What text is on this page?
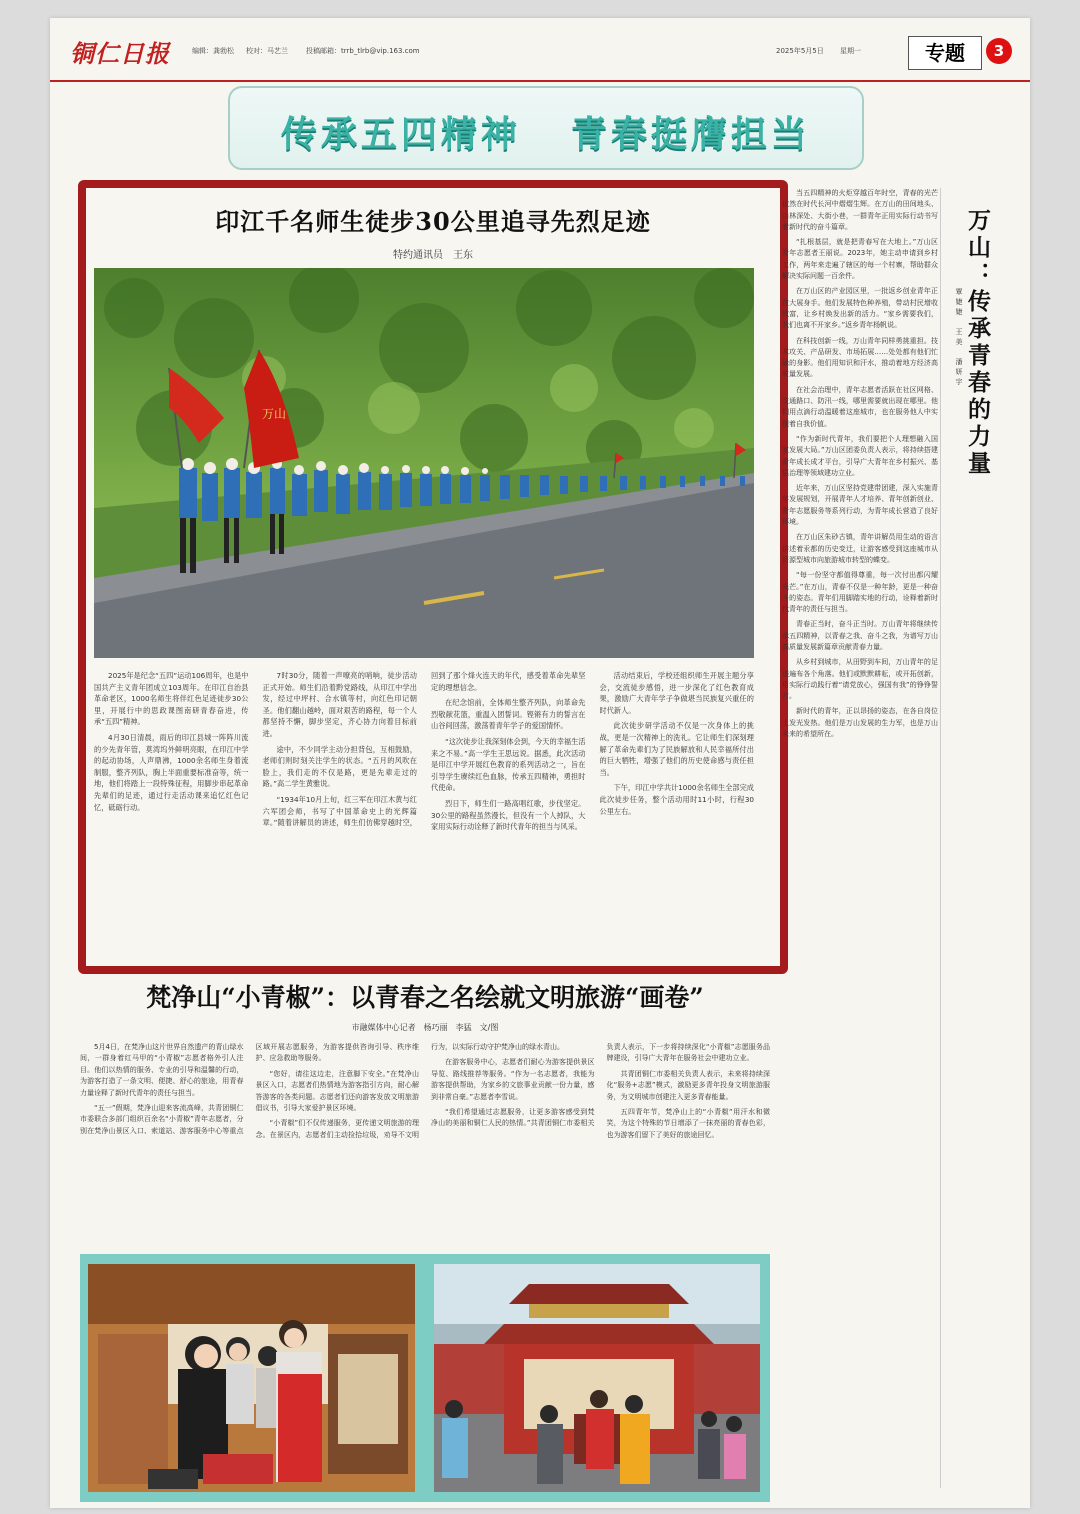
铜仁日报	编辑：龚勃松 校对：马艺兰	投稿邮箱：trrb_tlrb@vip.163.com	2025年5月5日 星期一	专题	3
传承五四精神 青春挺膺担当
印江千名师生徒步30公里追寻先烈足迹
特约通讯员　王东
万山

2025年是纪念“五四”运动106周年，也是中国共产主义青年团成立103周年。在印江自治县革命老区，1000名师生将伴红色足迹徒步30公里，开展行中的思政课图南研青春奋进，传承“五四”精神。

4月30日清晨，雨后的印江县城一阵阵川流的少先青年管，莫湾坞外鲜明亮眼，在印江中学的起动协场，人声鼎沸，1000余名师生身着流制服，整齐列队，胸上半面重要标准奋等，统一地，他们将踏上一段特殊征程，用脚步串起革命先辈们的足迹，通过行走活动课来追忆红色记忆，砥砺行动。

7时30分，随着一声嘹亮的哨响，徒步活动正式开始。师生们沿着黔党路线，从印江中学出发，经过中坪村、合水镇等村，向红色印记朝圣。他们翻山越岭，面对艰苦的路程，每一个人都坚持不懈，脚步坚定，齐心协力向着目标前进。

途中，不少同学主动分担背包，互相鼓励，老师们则时刻关注学生的状态。“五月的风吹在脸上，我们走的不仅是路，更是先辈走过的路。”高二学生黄雅说。

“1934年10月上旬，红三军在印江木黄与红六军团会师，书写了中国革命史上的光辉篇章。”随着讲解员的讲述，师生们仿佛穿越时空，回到了那个烽火连天的年代，感受着革命先辈坚定的理想信念。

在纪念馆前，全体师生整齐列队，向革命先烈敬献花篮，重温入团誓词。铿锵有力的誓言在山谷间回荡，激荡着青年学子的爱国情怀。

“这次徒步让我深刻体会到，今天的幸福生活来之不易。”高一学生王思远说。据悉，此次活动是印江中学开展红色教育的系列活动之一，旨在引导学生赓续红色血脉，传承五四精神，勇担时代使命。

烈日下，师生们一路高唱红歌，步伐坚定。30公里的路程虽然漫长，但没有一个人掉队，大家用实际行动诠释了新时代青年的担当与风采。

活动结束后，学校还组织师生开展主题分享会，交流徒步感悟，进一步深化了红色教育成果，激励广大青年学子争做堪当民族复兴重任的时代新人。

此次徒步研学活动不仅是一次身体上的挑战，更是一次精神上的洗礼。它让师生们深刻理解了革命先辈们为了民族解放和人民幸福所付出的巨大牺牲，增强了他们的历史使命感与责任担当。

下午，印江中学共计1000余名师生全部完成此次徒步任务，整个活动用时11小时，行程30公里左右。

当五四精神的火炬穿越百年时空，青春的光芒依然在时代长河中熠熠生辉。在万山的田间地头、山林深处、大街小巷，一群青年正用实际行动书写着新时代的奋斗篇章。

“扎根基层，就是把青春写在大地上。”万山区青年志愿者王丽说。2023年，她主动申请到乡村工作，两年来走遍了辖区的每一个村寨，帮助群众解决实际问题一百余件。

在万山区的产业园区里，一批返乡创业青年正在大展身手。他们发展特色种养殖，带动村民增收致富，让乡村焕发出新的活力。“家乡需要我们，我们也离不开家乡。”返乡青年杨帆说。

在科技创新一线，万山青年同样勇挑重担。技术攻关、产品研发、市场拓展……处处都有他们忙碌的身影。他们用知识和汗水，推动着地方经济高质量发展。

在社会治理中，青年志愿者活跃在社区网格、交通路口、防汛一线，哪里需要就出现在哪里。他们用点滴行动温暖着这座城市，也在服务他人中实现着自我价值。

“作为新时代青年，我们要把个人理想融入国家发展大局。”万山区团委负责人表示，将持续搭建青年成长成才平台，引导广大青年在乡村振兴、基层治理等领域建功立业。

近年来，万山区坚持党建带团建，深入实施青年发展规划，开展青年人才培养、青年创新创业、青年志愿服务等系列行动，为青年成长营造了良好环境。

在万山区朱砂古镇，青年讲解员用生动的语言讲述着汞都的历史变迁，让游客感受到这座城市从资源型城市向旅游城市转型的蝶变。

“每一份坚守都值得尊重，每一次付出都闪耀光芒。”在万山，青春不仅是一种年龄，更是一种奋斗的姿态。青年们用脚踏实地的行动，诠释着新时代青年的责任与担当。

青春正当时，奋斗正当时。万山青年将继续传承五四精神，以青春之我、奋斗之我，为谱写万山高质量发展新篇章贡献青春力量。

从乡村到城市，从田野到车间，万山青年的足迹遍布各个角落。他们或默默耕耘，或开拓创新，用实际行动践行着“请党放心，强国有我”的铮铮誓言。

新时代的青年，正以昂扬的姿态，在各自岗位上发光发热。他们是万山发展的生力军，也是万山未来的希望所在。

万山：传承青春的力量
覃婕婕　王美　潘妍宇
梵净山“小青椒”：以青春之名绘就文明旅游“画卷”
市融媒体中心记者　杨巧丽　李猛　文/图

5月4日，在梵净山这片世界自然遗产的青山绿水间，一群身着红马甲的“小青椒”志愿者格外引人注目。他们以热情的服务、专业的引导和温馨的行动，为游客打造了一条文明、便捷、舒心的旅途，用青春力量诠释了新时代青年的责任与担当。

“五一”假期，梵净山迎来客流高峰，共青团铜仁市委联合多部门组织百余名“小青椒”青年志愿者，分别在梵净山景区入口、索道站、游客服务中心等重点区域开展志愿服务，为游客提供咨询引导、秩序维护、应急救助等服务。

“您好，请往这边走，注意脚下安全。”在梵净山景区入口，志愿者们热情地为游客指引方向，耐心解答游客的各类问题。志愿者们还向游客发放文明旅游倡议书，引导大家爱护景区环境。

“小青椒”们不仅传递服务，更传递文明旅游的理念。在景区内，志愿者们主动捡拾垃圾，劝导不文明行为，以实际行动守护梵净山的绿水青山。

在游客服务中心，志愿者们耐心为游客提供景区导览、路线推荐等服务。“作为一名志愿者，我能为游客提供帮助，为家乡的文旅事业贡献一份力量，感到非常自豪。”志愿者李雪说。

“我们希望通过志愿服务，让更多游客感受到梵净山的美丽和铜仁人民的热情。”共青团铜仁市委相关负责人表示，下一步将持续深化“小青椒”志愿服务品牌建设，引导广大青年在服务社会中建功立业。

共青团铜仁市委相关负责人表示，未来将持续深化“服务+志愿”模式，激励更多青年投身文明旅游服务，为文明城市创建注入更多青春能量。

五四青年节，梵净山上的“小青椒”用汗水和微笑，为这个特殊的节日增添了一抹亮丽的青春色彩，也为游客们留下了美好的旅途回忆。
